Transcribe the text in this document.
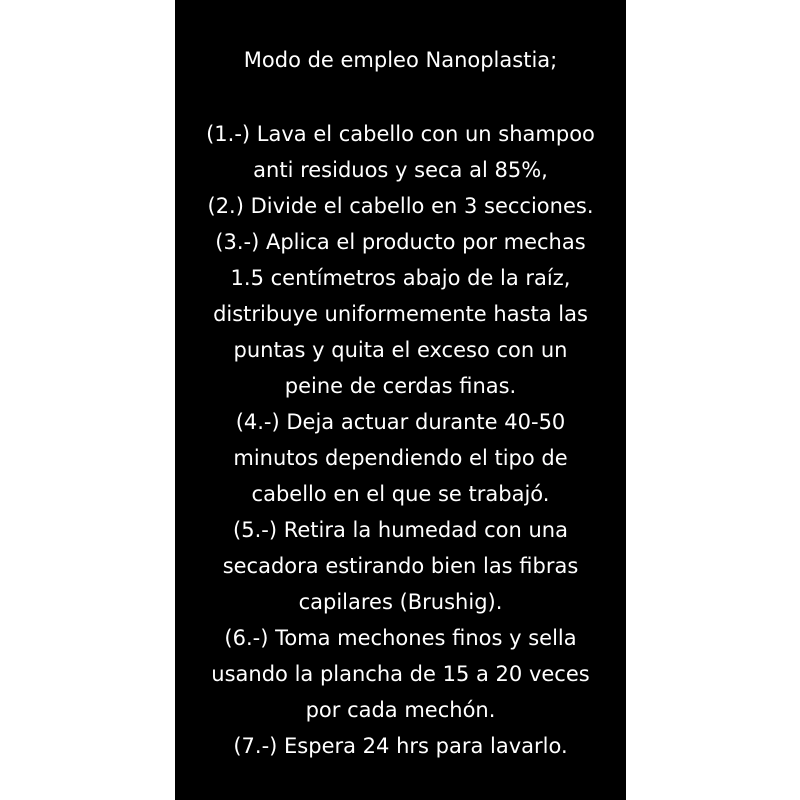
Modo de empleo Nanoplastia;

(1.-) Lava el cabello con un shampoo

anti residuos y seca al 85%,

(2.) Divide el cabello en 3 secciones.

(3.-) Aplica el producto por mechas

1.5 centímetros abajo de la raíz,

distribuye uniformemente hasta las

puntas y quita el exceso con un

peine de cerdas finas.

(4.-) Deja actuar durante 40-50

minutos dependiendo el tipo de

cabello en el que se trabajó.

(5.-) Retira la humedad con una

secadora estirando bien las fibras

capilares (Brushig).

(6.-) Toma mechones finos y sella

usando la plancha de 15 a 20 veces

por cada mechón.

(7.-) Espera 24 hrs para lavarlo.
